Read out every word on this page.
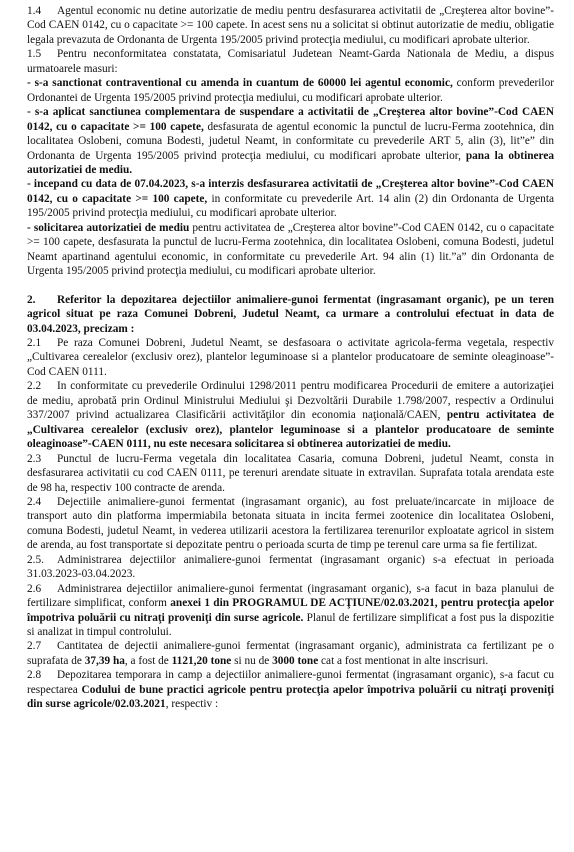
1.4 Agentul economic nu detine autorizatie de mediu pentru desfasurarea activitatii de „Creşterea altor bovine”-Cod CAEN 0142, cu o capacitate >= 100 capete. In acest sens nu a solicitat si obtinut autorizatie de mediu, obligatie legala prevazuta de Ordonanta de Urgenta 195/2005 privind protecţia mediului, cu modificari aprobate ulterior.

1.5 Pentru neconformitatea constatata, Comisariatul Judetean Neamt-Garda Nationala de Mediu, a dispus urmatoarele masuri:

- s-a sanctionat contraventional cu amenda in cuantum de 60000 lei agentul economic, conform prevederilor Ordonantei de Urgenta 195/2005 privind protecţia mediului, cu modificari aprobate ulterior.

- s-a aplicat sanctiunea complementara de suspendare a activitatii de „Creşterea altor bovine”-Cod CAEN 0142, cu o capacitate >= 100 capete, desfasurata de agentul economic la punctul de lucru-Ferma zootehnica, din localitatea Oslobeni, comuna Bodesti, judetul Neamt, in conformitate cu prevederile ART 5, alin (3), lit”e” din Ordonanta de Urgenta 195/2005 privind protecţia mediului, cu modificari aprobate ulterior, pana la obtinerea autorizatiei de mediu.

- incepand cu data de 07.04.2023, s-a interzis desfasurarea activitatii de „Creşterea altor bovine”-Cod CAEN 0142, cu o capacitate >= 100 capete, in conformitate cu prevederile Art. 14 alin (2) din Ordonanta de Urgenta 195/2005 privind protecţia mediului, cu modificari aprobate ulterior.

- solicitarea autorizatiei de mediu pentru activitatea de „Creşterea altor bovine”-Cod CAEN 0142, cu o capacitate >= 100 capete, desfasurata la punctul de lucru-Ferma zootehnica, din localitatea Oslobeni, comuna Bodesti, judetul Neamt apartinand agentului economic, in conformitate cu prevederile Art. 94 alin (1) lit.”a” din Ordonanta de Urgenta 195/2005 privind protecţia mediului, cu modificari aprobate ulterior.

2. Referitor la depozitarea dejectiilor animaliere-gunoi fermentat (ingrasamant organic), pe un teren agricol situat pe raza Comunei Dobreni, Judetul Neamt, ca urmare a controlului efectuat in data de 03.04.2023, precizam :

2.1 Pe raza Comunei Dobreni, Judetul Neamt, se desfasoara o activitate agricola-ferma vegetala, respectiv „Cultivarea cerealelor (exclusiv orez), plantelor leguminoase si a plantelor producatoare de seminte oleaginoase”-Cod CAEN 0111.

2.2 In conformitate cu prevederile Ordinului 1298/2011 pentru modificarea Procedurii de emitere a autorizaţiei de mediu, aprobată prin Ordinul Ministrului Mediului şi Dezvoltării Durabile 1.798/2007, respectiv a Ordinului 337/2007 privind actualizarea Clasificării activităţilor din economia naţională/CAEN, pentru activitatea de „Cultivarea cerealelor (exclusiv orez), plantelor leguminoase si a plantelor producatoare de seminte oleaginoase”-CAEN 0111, nu este necesara solicitarea si obtinerea autorizatiei de mediu.

2.3 Punctul de lucru-Ferma vegetala din localitatea Casaria, comuna Dobreni, judetul Neamt, consta in desfasurarea activitatii cu cod CAEN 0111, pe terenuri arendate situate in extravilan. Suprafata totala arendata este de 98 ha, respectiv 100 contracte de arenda.

2.4 Dejectiile animaliere-gunoi fermentat (ingrasamant organic), au fost preluate/incarcate in mijloace de transport auto din platforma impermiabila betonata situata in incita fermei zootenice din localitatea Oslobeni, comuna Bodesti, judetul Neamt, in vederea utilizarii acestora la fertilizarea terenurilor exploatate agricol in sistem de arenda, au fost transportate si depozitate pentru o perioada scurta de timp pe terenul care urma sa fie fertilizat.

2.5. Administrarea dejectiilor animaliere-gunoi fermentat (ingrasamant organic) s-a efectuat in perioada 31.03.2023-03.04.2023.

2.6 Administrarea dejectiilor animaliere-gunoi fermentat (ingrasamant organic), s-a facut in baza planului de fertilizare simplificat, conform anexei 1 din PROGRAMUL DE ACŢIUNE/02.03.2021, pentru protecţia apelor împotriva poluării cu nitraţi proveniţi din surse agricole. Planul de fertilizare simplificat a fost pus la dispozitie si analizat in timpul controlului.

2.7 Cantitatea de dejectii animaliere-gunoi fermentat (ingrasamant organic), administrata ca fertilizant pe o suprafata de 37,39 ha, a fost de 1121,20 tone si nu de 3000 tone cat a fost mentionat in alte inscrisuri.

2.8 Depozitarea temporara in camp a dejectiilor animaliere-gunoi fermentat (ingrasamant organic), s-a facut cu respectarea Codului de bune practici agricole pentru protecţia apelor împotriva poluării cu nitraţi proveniţi din surse agricole/02.03.2021, respectiv :
